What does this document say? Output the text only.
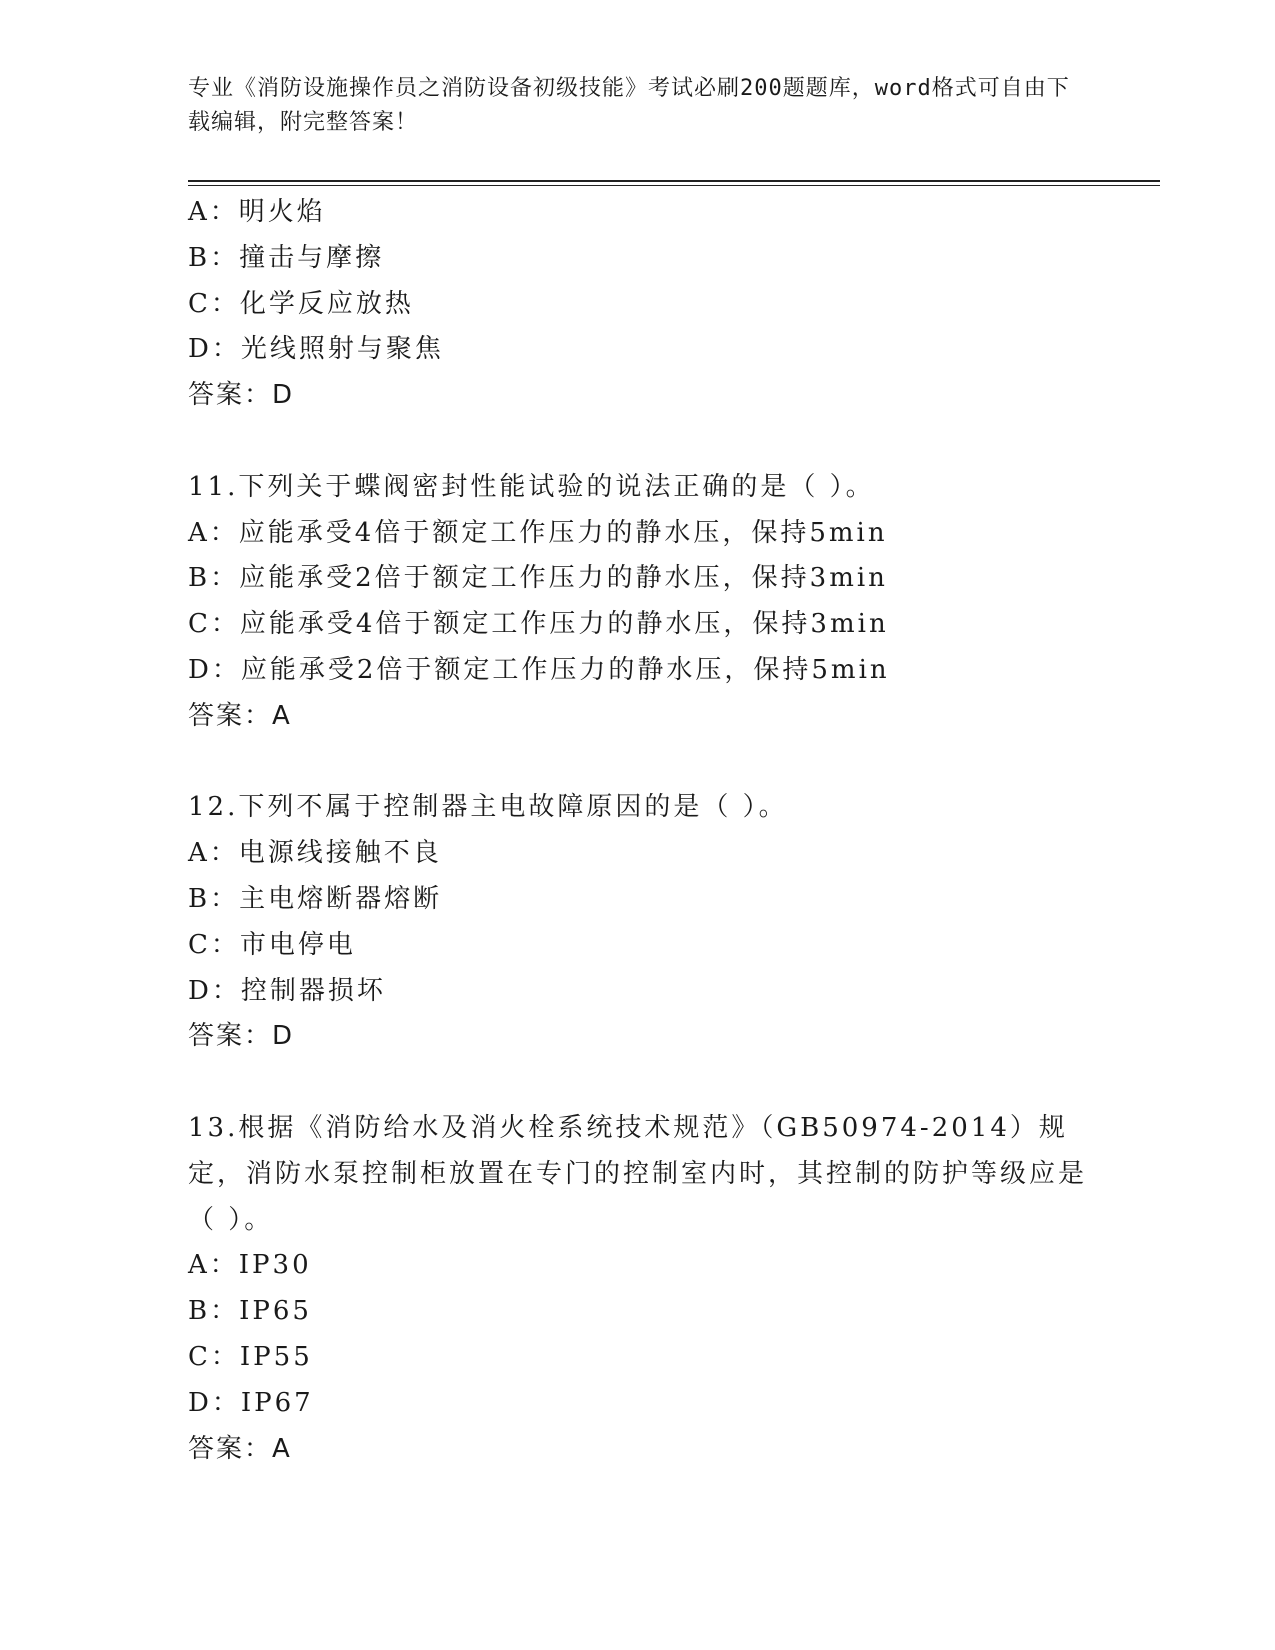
专业《消防设施操作员之消防设备初级技能》考试必刷200题题库，word格式可自由下载编辑，附完整答案！
A：明火焰
B：撞击与摩擦
C：化学反应放热
D：光线照射与聚焦
答案：D
11.下列关于蝶阀密封性能试验的说法正确的是（ ）。
A：应能承受4倍于额定工作压力的静水压，保持5min
B：应能承受2倍于额定工作压力的静水压，保持3min
C：应能承受4倍于额定工作压力的静水压，保持3min
D：应能承受2倍于额定工作压力的静水压，保持5min
答案：A
12.下列不属于控制器主电故障原因的是（ ）。
A：电源线接触不良
B：主电熔断器熔断
C：市电停电
D：控制器损坏
答案：D
13.根据《消防给水及消火栓系统技术规范》（GB50974-2014）规定，消防水泵控制柜放置在专门的控制室内时，其控制的防护等级应是（ ）。
A：IP30
B：IP65
C：IP55
D：IP67
答案：A
